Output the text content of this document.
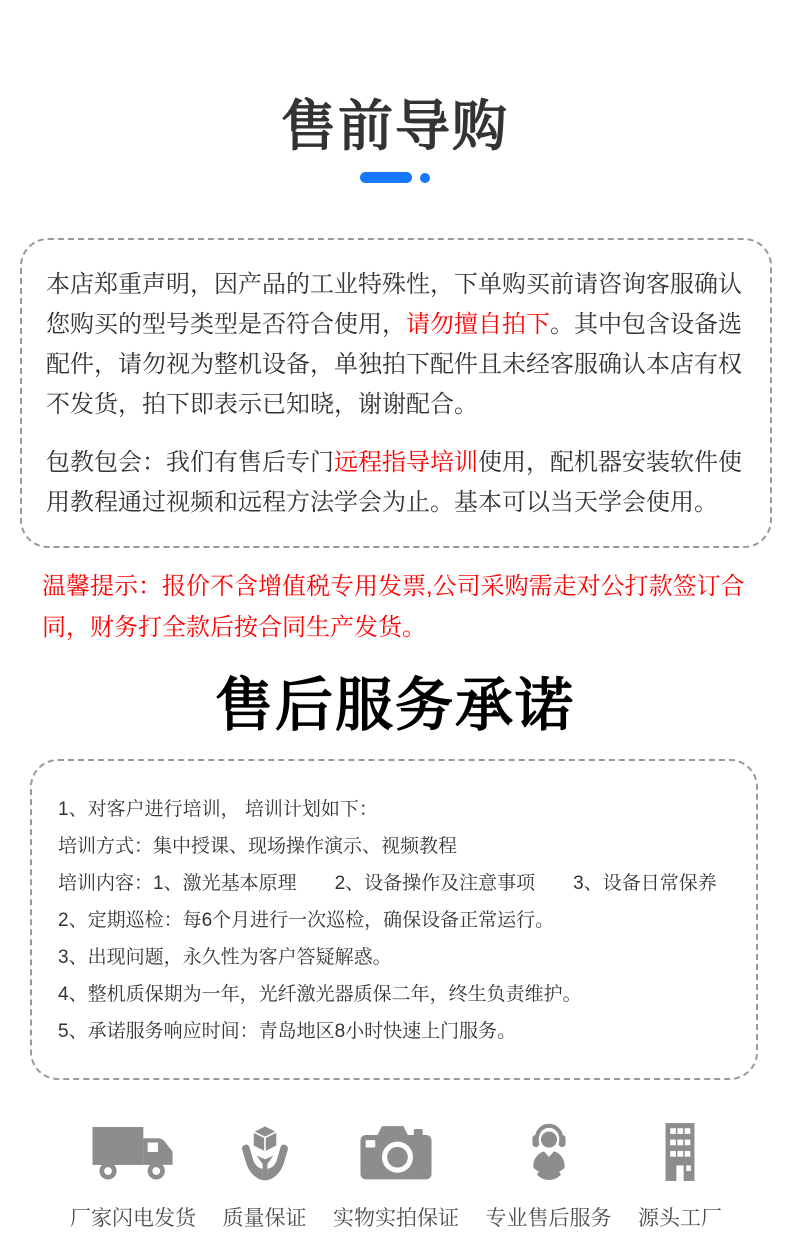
售前导购

本店郑重声明，因产品的工业特殊性，下单购买前请咨询客服确认您购买的型号类型是否符合使用，请勿擅自拍下。其中包含设备选配件，请勿视为整机设备，单独拍下配件且未经客服确认本店有权不发货，拍下即表示已知晓，谢谢配合。

包教包会：我们有售后专门远程指导培训使用，配机器安装软件使用教程通过视频和远程方法学会为止。基本可以当天学会使用。

温馨提示：报价不含增值税专用发票,公司采购需走对公打款签订合同，财务打全款后按合同生产发货。
售后服务承诺

1、对客户进行培训， 培训计划如下：

培训方式：集中授课、现场操作演示、视频教程

培训内容：1、激光基本原理　　2、设备操作及注意事项　　3、设备日常保养

2、定期巡检：每6个月进行一次巡检，确保设备正常运行。

3、出现问题，永久性为客户答疑解惑。

4、整机质保期为一年，光纤激光器质保二年，终生负责维护。

5、承诺服务响应时间：青岛地区8小时快速上门服务。

厂家闪电发货 质量保证 实物实拍保证 专业售后服务 源头工厂
